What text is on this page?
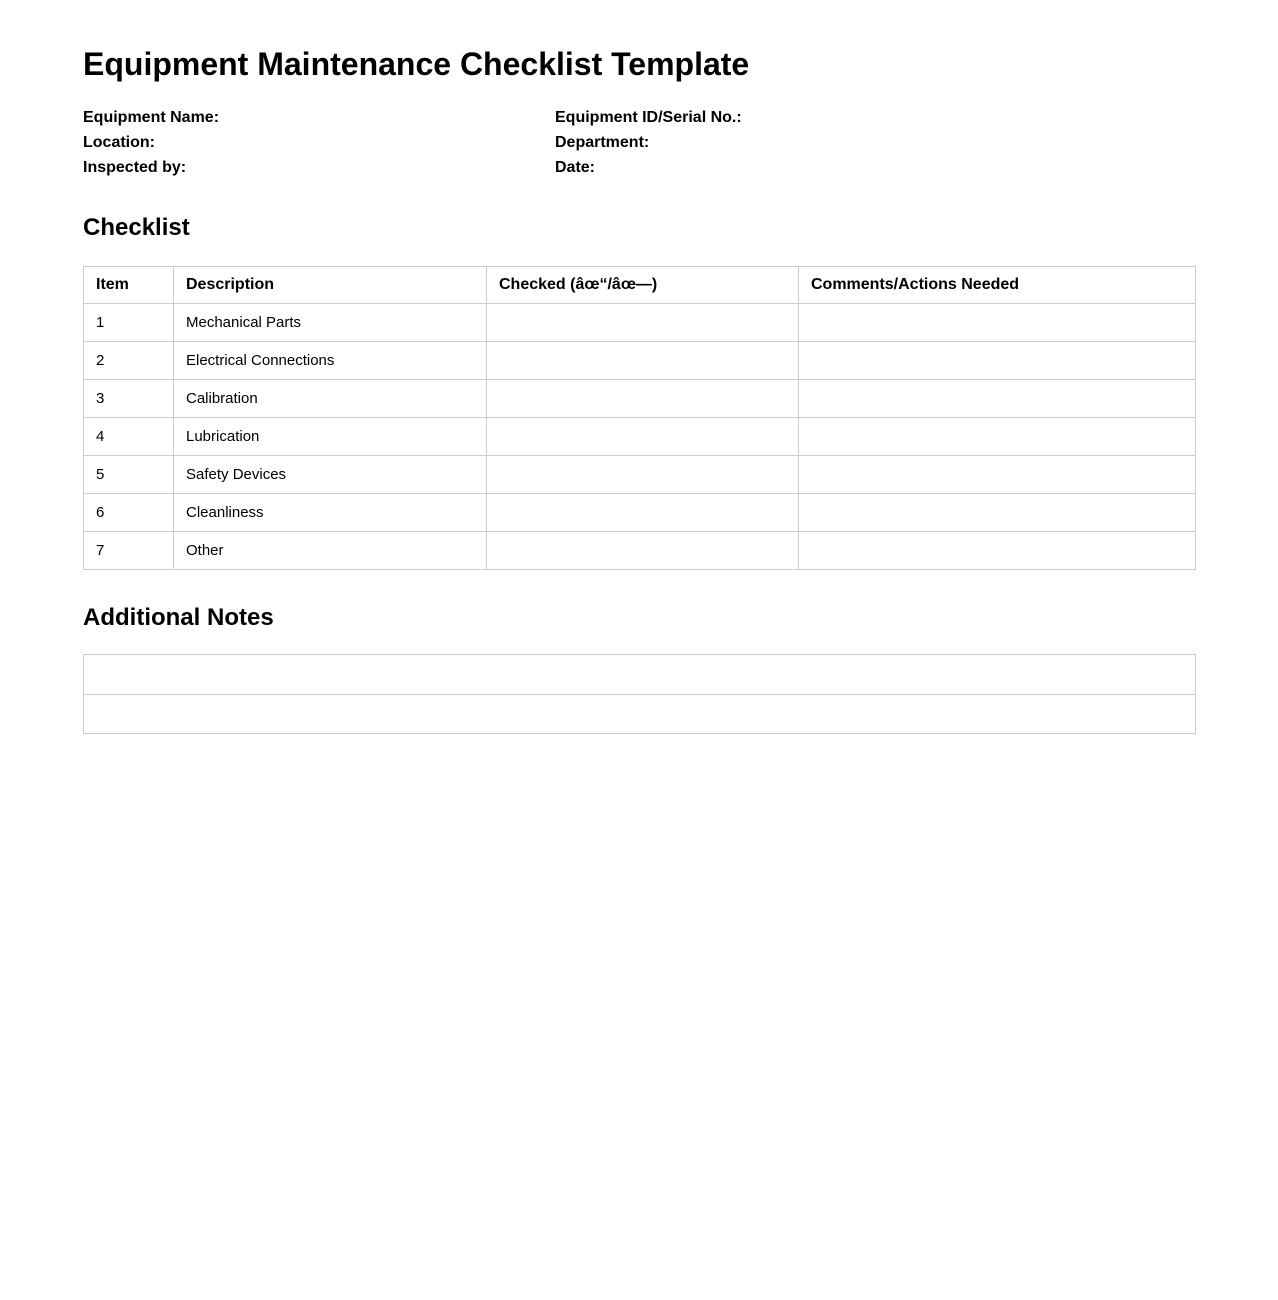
Equipment Maintenance Checklist Template
Equipment Name:
Location:
Inspected by:
Equipment ID/Serial No.:
Department:
Date:
Checklist
Item	Description	Checked (âœ“/âœ—)	Comments/Actions Needed
1	Mechanical Parts		
2	Electrical Connections		
3	Calibration		
4	Lubrication		
5	Safety Devices		
6	Cleanliness		
7	Other		
Additional Notes
